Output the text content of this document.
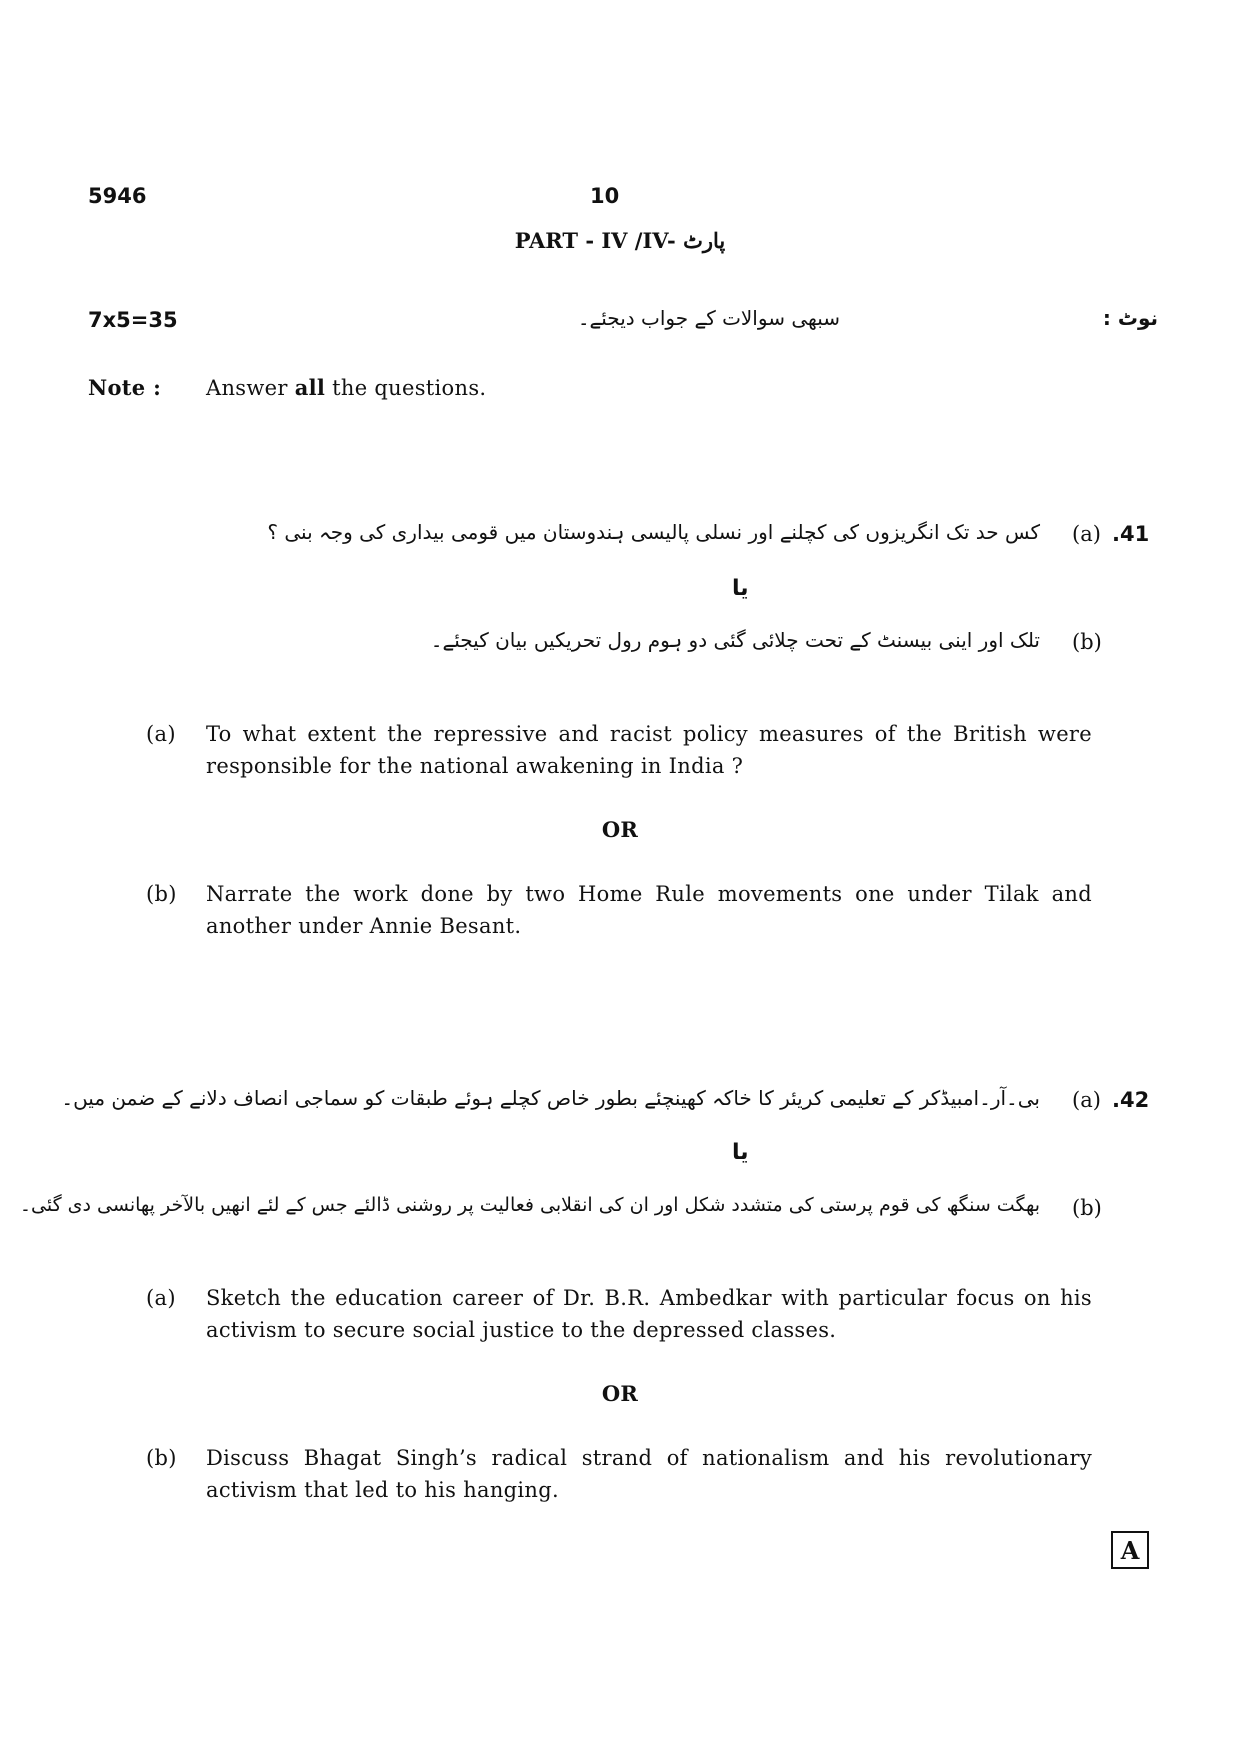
5946	10
PART - IV /IV- پارٹ
7x5=35	سبھی سوالات کے جواب دیجئے۔	نوٹ :
Note : Answer all the questions.
.41
(a)
کس حد تک انگریزوں کی کچلنے اور نسلی پالیسی ہندوستان میں قومی بیداری کی وجہ بنی ؟
یا
(b)
تلک اور اینی بیسنٹ کے تحت چلائی گئی دو ہوم رول تحریکیں بیان کیجئے۔
(a) To what extent the repressive and racist policy measures of the British were responsible for the national awakening in India ?
OR
(b) Narrate the work done by two Home Rule movements one under Tilak and another under Annie Besant.
.42
(a)
بی۔آر۔امبیڈکر کے تعلیمی کریئر کا خاکہ کھینچئے بطور خاص کچلے ہوئے طبقات کو سماجی انصاف دلانے کے ضمن میں۔
یا
(b)
بھگت سنگھ کی قوم پرستی کی متشدد شکل اور ان کی انقلابی فعالیت پر روشنی ڈالئے جس کے لئے انھیں بالآخر پھانسی دی گئی۔
(a) Sketch the education career of Dr. B.R. Ambedkar with particular focus on his activism to secure social justice to the depressed classes.
OR
(b) Discuss Bhagat Singh’s radical strand of nationalism and his revolutionary activism that led to his hanging.
A
